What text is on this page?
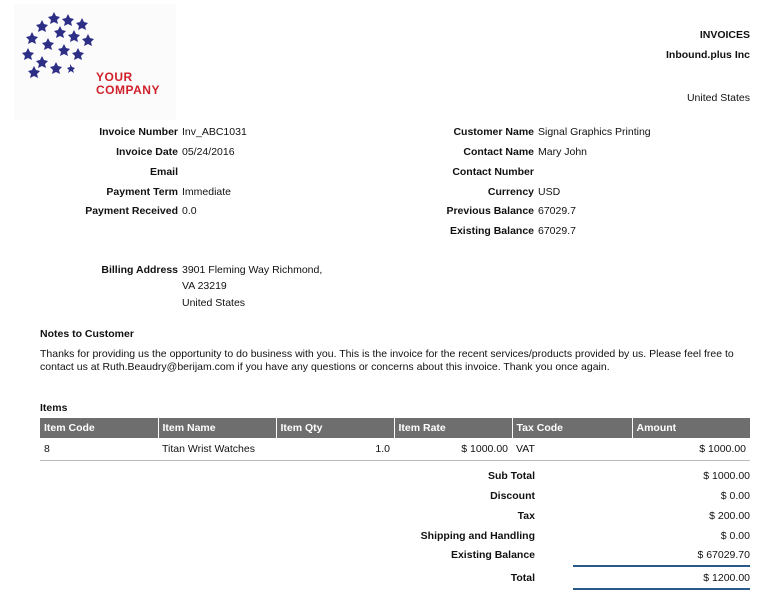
YOUR
COMPANY
INVOICES
Inbound.plus Inc
United States
Invoice Number Inv_ABC1031
Invoice Date 05/24/2016
Email
Payment Term Immediate
Payment Received 0.0
Customer Name Signal Graphics Printing
Contact Name Mary John
Contact Number
Currency USD
Previous Balance 67029.7
Existing Balance 67029.7
Billing Address 3901 Fleming Way Richmond,
VA 23219
United States
Notes to Customer
Thanks for providing us the opportunity to do business with you. This is the invoice for the recent services/products provided by us. Please feel free to contact us at Ruth.Beaudry@berijam.com if you have any questions or concerns about this invoice. Thank you once again.
Items
Item Code	Item Name	Item Qty	Item Rate	Tax Code	Amount
8	Titan Wrist Watches	1.0	$ 1000.00	VAT	$ 1000.00
Sub Total	$ 1000.00
Discount	$ 0.00
Tax	$ 200.00
Shipping and Handling	$ 0.00
Existing Balance	$ 67029.70
Total	$ 1200.00
